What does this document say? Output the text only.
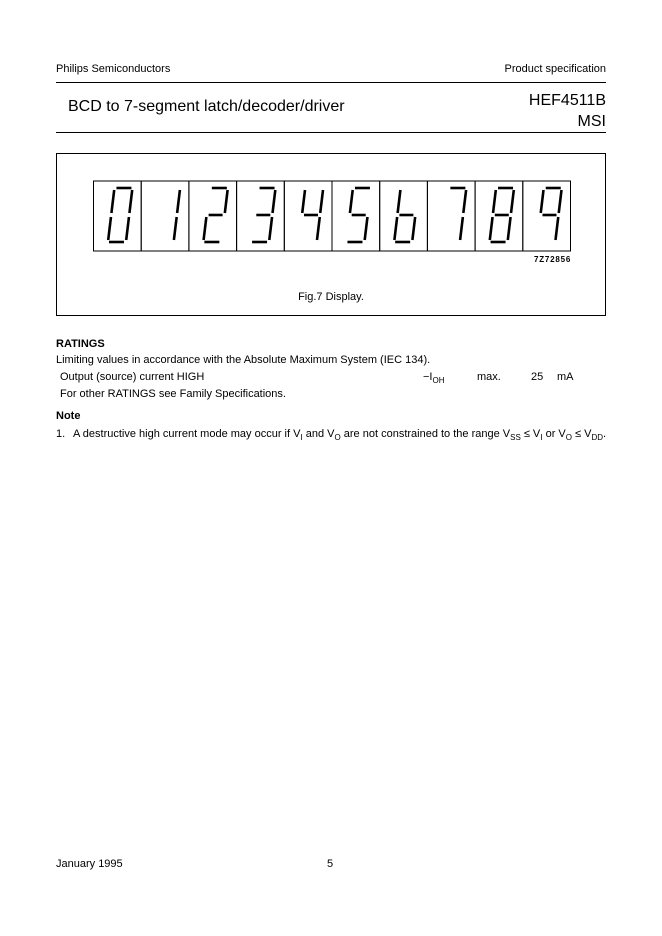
Philips Semiconductors	Product specification
BCD to 7-segment latch/decoder/driver	HEF4511B
MSI
7Z72856
Fig.7 Display.
RATINGS
Limiting values in accordance with the Absolute Maximum System (IEC 134).
Output (source) current HIGH	$-I_{OH}$	max.	25 mA
For other RATINGS see Family Specifications.
Note
1. A destructive high current mode may occur if $V_I$ and $V_O$ are not constrained to the range $V_{SS} \le V_I$ or $V_O \le V_{DD}$.
January 1995	5
